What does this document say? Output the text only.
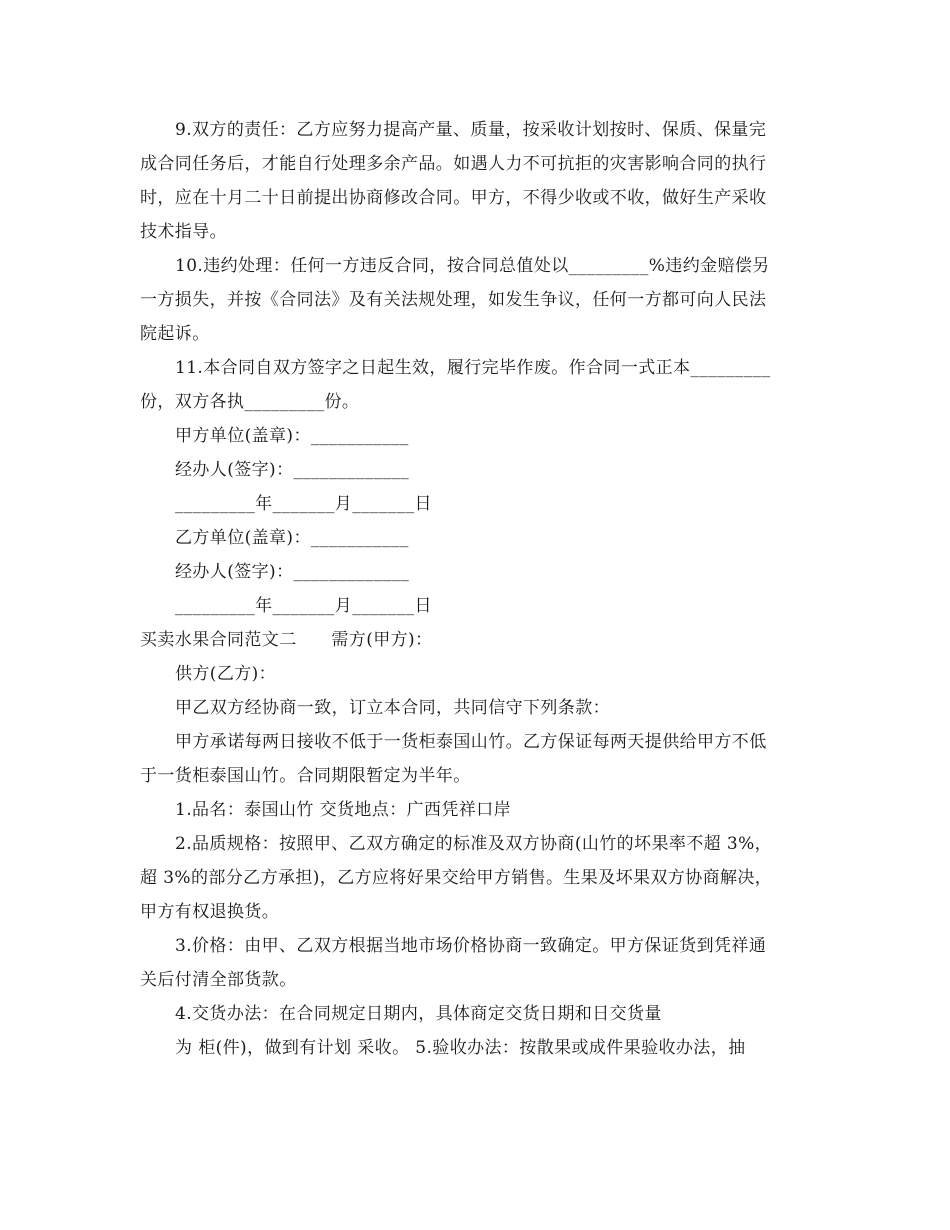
9.双方的责任：乙方应努力提高产量、质量，按采收计划按时、保质、保量完
成合同任务后，才能自行处理多余产品。如遇人力不可抗拒的灾害影响合同的执行
时，应在十月二十日前提出协商修改合同。甲方，不得少收或不收，做好生产采收
技术指导。
10.违约处理：任何一方违反合同，按合同总值处以_________%违约金赔偿另
一方损失，并按《合同法》及有关法规处理，如发生争议，任何一方都可向人民法
院起诉。
11.本合同自双方签字之日起生效，履行完毕作废。作合同一式正本_________
份，双方各执_________份。
甲方单位(盖章)：___________
经办人(签字)：_____________
_________年_______月_______日
乙方单位(盖章)：___________
经办人(签字)：_____________
_________年_______月_______日
买卖水果合同范文二　　需方(甲方)：
供方(乙方)：
甲乙双方经协商一致，订立本合同，共同信守下列条款：
甲方承诺每两日接收不低于一货柜泰国山竹。乙方保证每两天提供给甲方不低
于一货柜泰国山竹。合同期限暂定为半年。
1.品名：泰国山竹 交货地点：广西凭祥口岸
2.品质规格：按照甲、乙双方确定的标准及双方协商(山竹的坏果率不超 3%，
超 3%的部分乙方承担)，乙方应将好果交给甲方销售。生果及坏果双方协商解决，
甲方有权退换货。
3.价格：由甲、乙双方根据当地市场价格协商一致确定。甲方保证货到凭祥通
关后付清全部货款。
4.交货办法：在合同规定日期内，具体商定交货日期和日交货量
为 柜(件)，做到有计划 采收。 5.验收办法：按散果或成件果验收办法，抽
